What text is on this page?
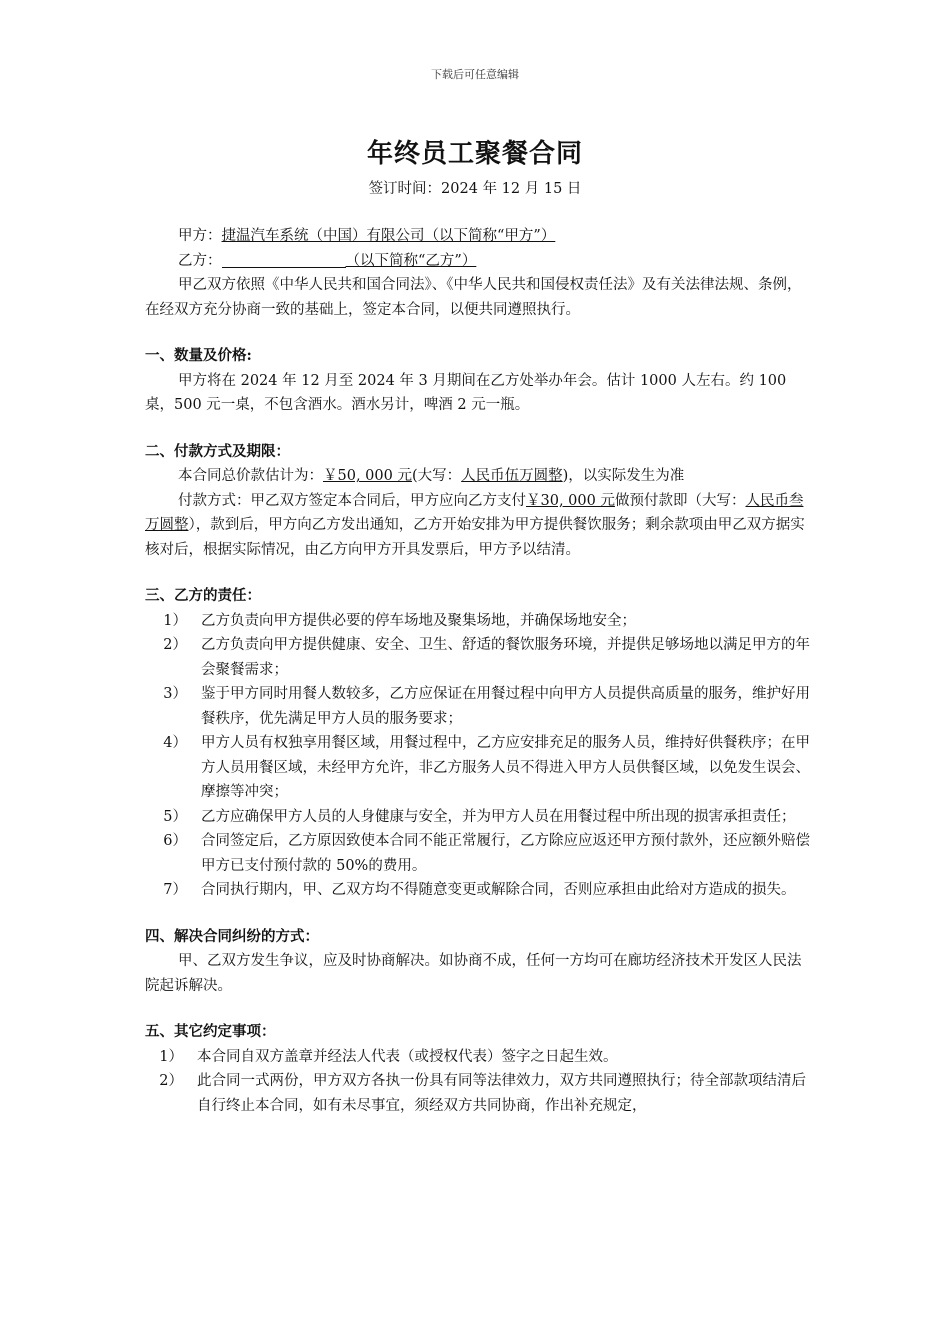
下载后可任意编辑
年终员工聚餐合同
签订时间：2024 年 12 月 15 日

甲方：捷温汽车系统（中国）有限公司（以下简称“甲方”）

乙方：	（以下简称“乙方”）

甲乙双方依照《中华人民共和国合同法》、《中华人民共和国侵权责任法》及有关法律法规、条例，在经双方充分协商一致的基础上，签定本合同，以便共同遵照执行。

一、数量及价格:

甲方将在 2024 年 12 月至 2024 年 3 月期间在乙方处举办年会。估计 1000 人左右。约 100 桌，500 元一桌，不包含酒水。酒水另计，啤酒 2 元一瓶。

二、付款方式及期限：

本合同总价款估计为：￥50, 000 元(大写：人民币伍万圆整)，以实际发生为准

付款方式：甲乙双方签定本合同后，甲方应向乙方支付￥30, 000 元做预付款即（大写：人民币叁万圆整），款到后，甲方向乙方发出通知，乙方开始安排为甲方提供餐饮服务；剩余款项由甲乙双方据实核对后，根据实际情况，由乙方向甲方开具发票后，甲方予以结清。

三、乙方的责任：

1） 乙方负责向甲方提供必要的停车场地及聚集场地，并确保场地安全；
2） 乙方负责向甲方提供健康、安全、卫生、舒适的餐饮服务环境，并提供足够场地以满足甲方的年会聚餐需求；
3） 鉴于甲方同时用餐人数较多，乙方应保证在用餐过程中向甲方人员提供高质量的服务，维护好用餐秩序，优先满足甲方人员的服务要求；
4） 甲方人员有权独享用餐区域，用餐过程中，乙方应安排充足的服务人员，维持好供餐秩序；在甲方人员用餐区域，未经甲方允许，非乙方服务人员不得进入甲方人员供餐区域，以免发生误会、摩擦等冲突；
5） 乙方应确保甲方人员的人身健康与安全，并为甲方人员在用餐过程中所出现的损害承担责任；
6） 合同签定后，乙方原因致使本合同不能正常履行，乙方除应应返还甲方预付款外，还应额外赔偿甲方已支付预付款的 50%的费用。
7） 合同执行期内，甲、乙双方均不得随意变更或解除合同，否则应承担由此给对方造成的损失。

四、解决合同纠纷的方式：

甲、乙双方发生争议，应及时协商解决。如协商不成，任何一方均可在廊坊经济技术开发区人民法院起诉解决。

五、其它约定事项：

1） 本合同自双方盖章并经法人代表（或授权代表）签字之日起生效。
2） 此合同一式两份，甲方双方各执一份具有同等法律效力，双方共同遵照执行；待全部款项结清后自行终止本合同，如有未尽事宜，须经双方共同协商，作出补充规定，
